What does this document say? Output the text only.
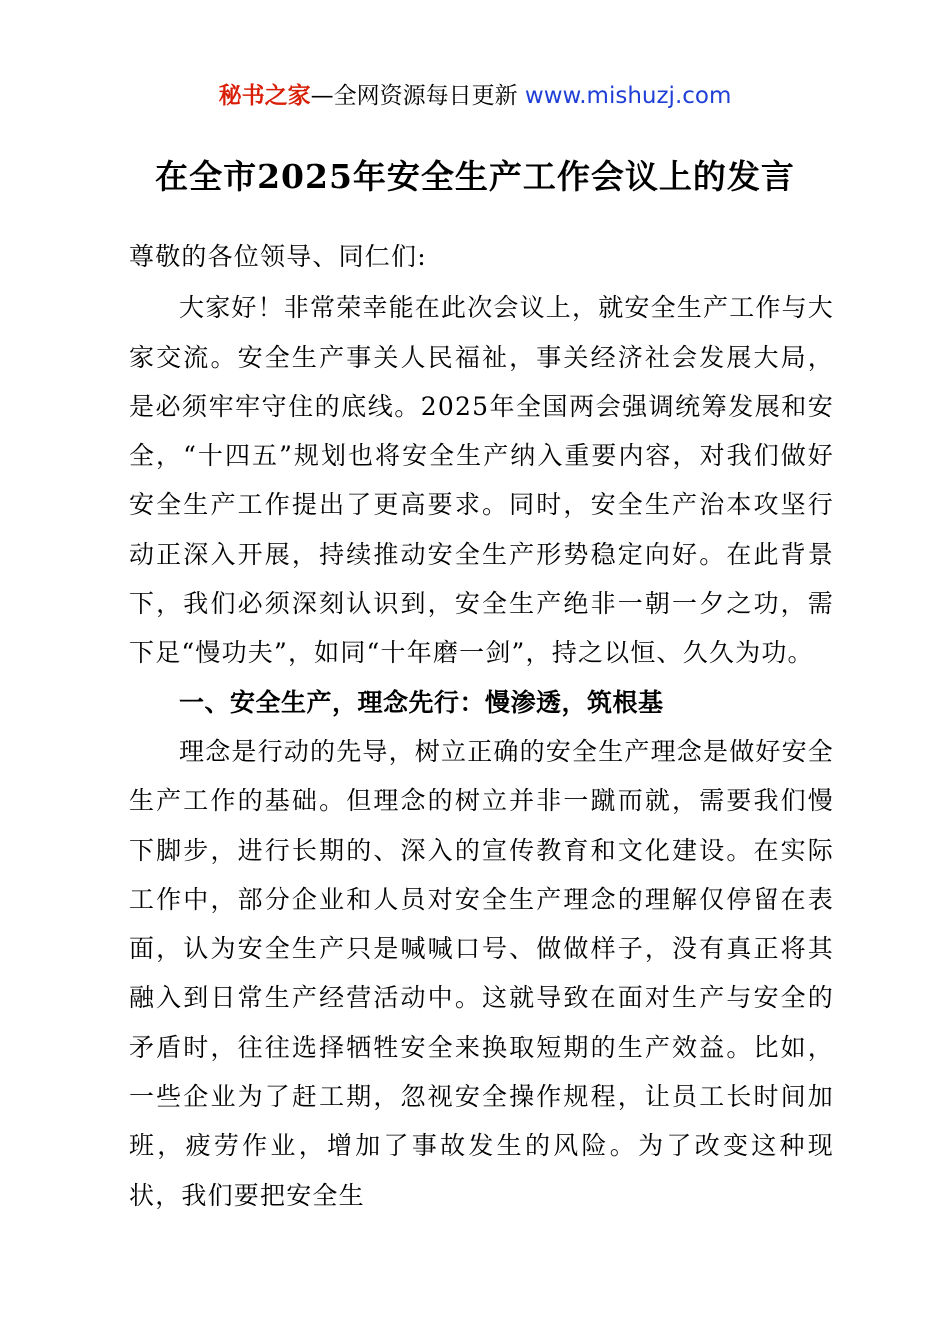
秘书之家—全网资源每日更新 www.mishuzj.com
在全市2025年安全生产工作会议上的发言

尊敬的各位领导、同仁们:

大家好！非常荣幸能在此次会议上，就安全生产工作与大家交流。安全生产事关人民福祉，事关经济社会发展大局，是必须牢牢守住的底线。2025年全国两会强调统筹发展和安全，“十四五”规划也将安全生产纳入重要内容，对我们做好安全生产工作提出了更高要求。同时，安全生产治本攻坚行动正深入开展，持续推动安全生产形势稳定向好。在此背景下，我们必须深刻认识到，安全生产绝非一朝一夕之功，需下足“慢功夫”，如同“十年磨一剑”，持之以恒、久久为功。

一、安全生产，理念先行：慢渗透，筑根基

理念是行动的先导，树立正确的安全生产理念是做好安全生产工作的基础。但理念的树立并非一蹴而就，需要我们慢下脚步，进行长期的、深入的宣传教育和文化建设。在实际工作中，部分企业和人员对安全生产理念的理解仅停留在表面，认为安全生产只是喊喊口号、做做样子，没有真正将其融入到日常生产经营活动中。这就导致在面对生产与安全的矛盾时，往往选择牺牲安全来换取短期的生产效益。比如，一些企业为了赶工期，忽视安全操作规程，让员工长时间加班，疲劳作业，增加了事故发生的风险。为了改变这种现状，我们要把安全生
